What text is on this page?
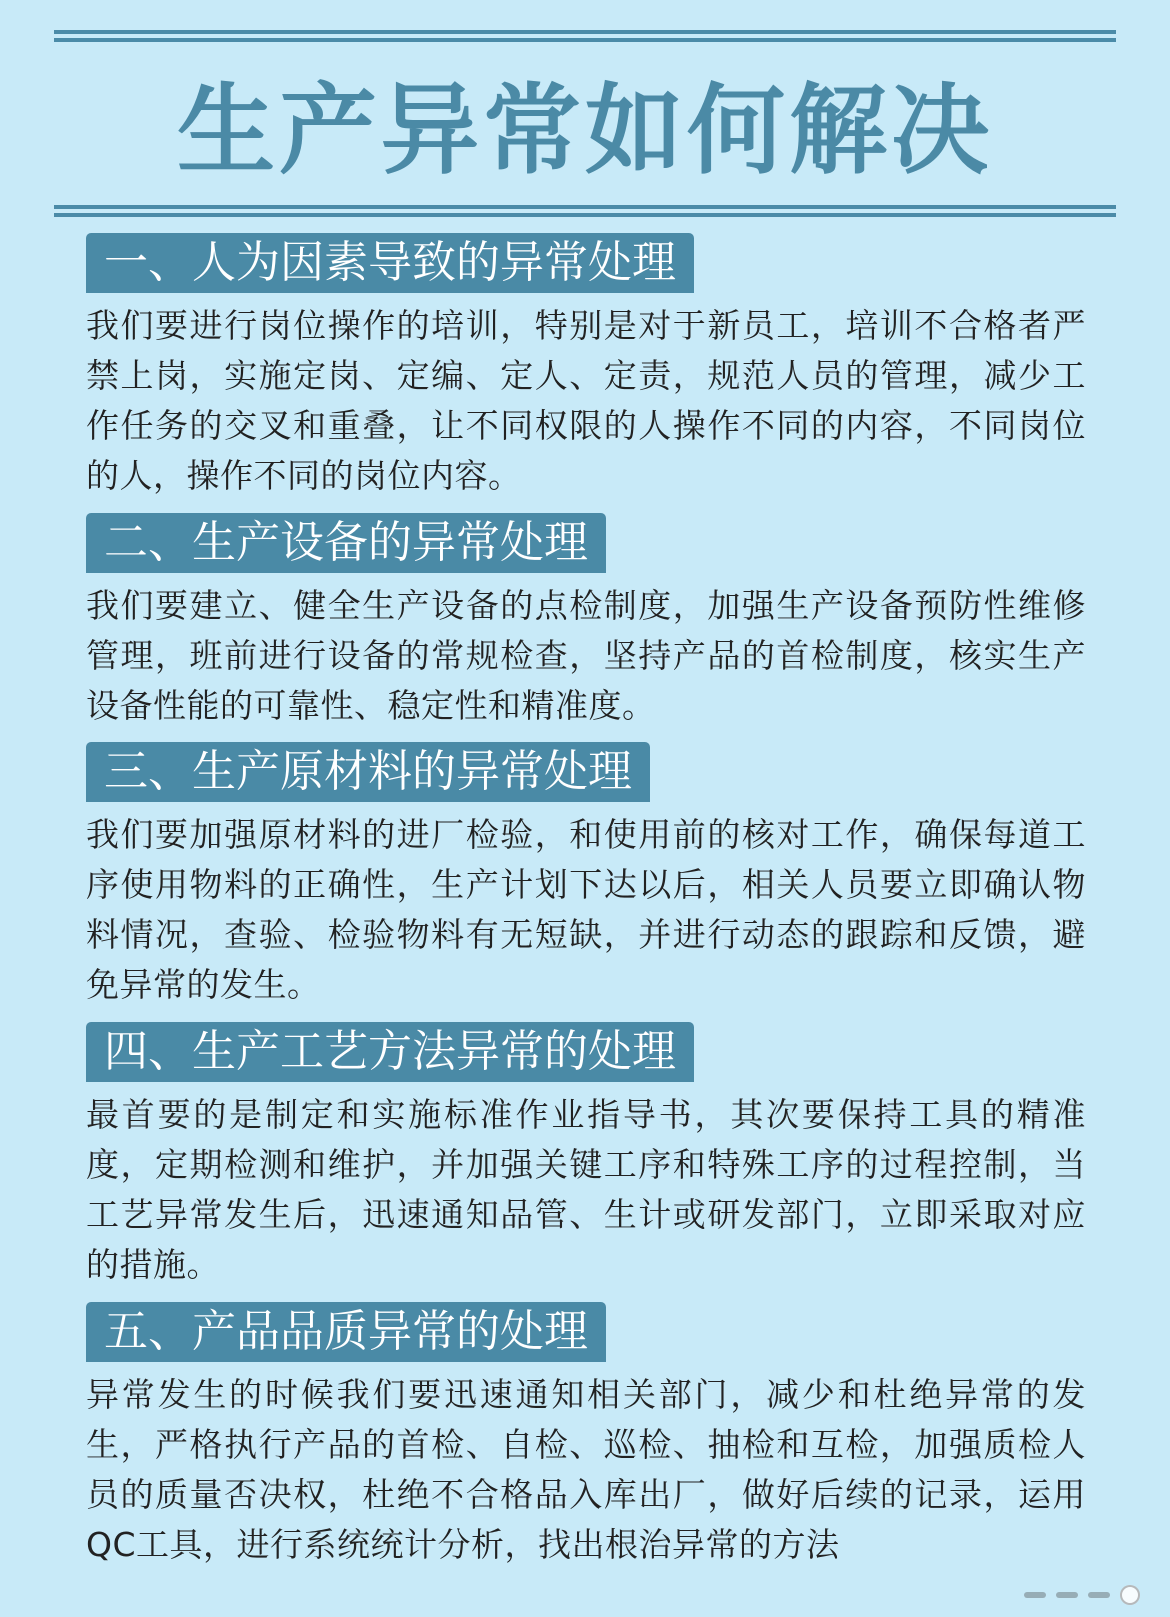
生产异常如何解决
一、人为因素导致的异常处理

我们要进行岗位操作的培训，特别是对于新员工，培训不合格者严禁上岗，实施定岗、定编、定人、定责，规范人员的管理，减少工作任务的交叉和重叠，让不同权限的人操作不同的内容，不同岗位的人，操作不同的岗位内容。

二、生产设备的异常处理

我们要建立、健全生产设备的点检制度，加强生产设备预防性维修管理，班前进行设备的常规检查，坚持产品的首检制度，核实生产设备性能的可靠性、稳定性和精准度。

三、生产原材料的异常处理

我们要加强原材料的进厂检验，和使用前的核对工作，确保每道工序使用物料的正确性，生产计划下达以后，相关人员要立即确认物料情况，查验、检验物料有无短缺，并进行动态的跟踪和反馈，避免异常的发生。

四、生产工艺方法异常的处理

最首要的是制定和实施标准作业指导书，其次要保持工具的精准度，定期检测和维护，并加强关键工序和特殊工序的过程控制，当工艺异常发生后，迅速通知品管、生计或研发部门，立即采取对应的措施。

五、产品品质异常的处理

异常发生的时候我们要迅速通知相关部门，减少和杜绝异常的发生，严格执行产品的首检、自检、巡检、抽检和互检，加强质检人员的质量否决权，杜绝不合格品入库出厂，做好后续的记录，运用QC工具，进行系统统计分析，找出根治异常的方法
